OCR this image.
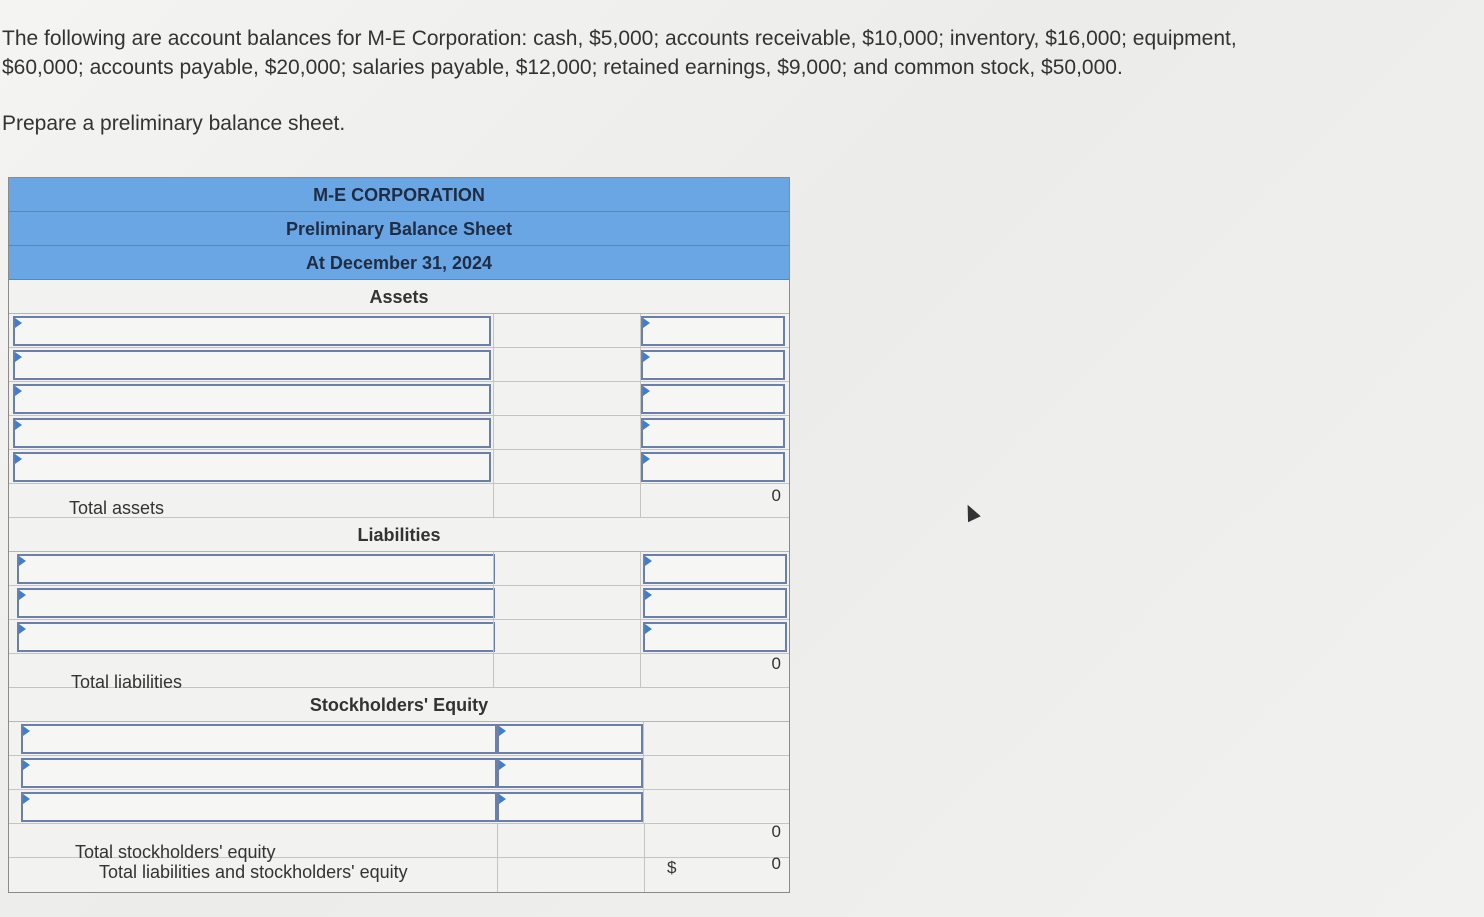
The following are account balances for M-E Corporation: cash, $5,000; accounts receivable, $10,000; inventory, $16,000; equipment,
$60,000; accounts payable, $20,000; salaries payable, $12,000; retained earnings, $9,000; and common stock, $50,000.
Prepare a preliminary balance sheet.
M-E CORPORATION
Preliminary Balance Sheet
At December 31, 2024
Assets
Total assets
0
Liabilities
Total liabilities
0
Stockholders' Equity
Total stockholders' equity
0
Total liabilities and stockholders' equity	$	0
